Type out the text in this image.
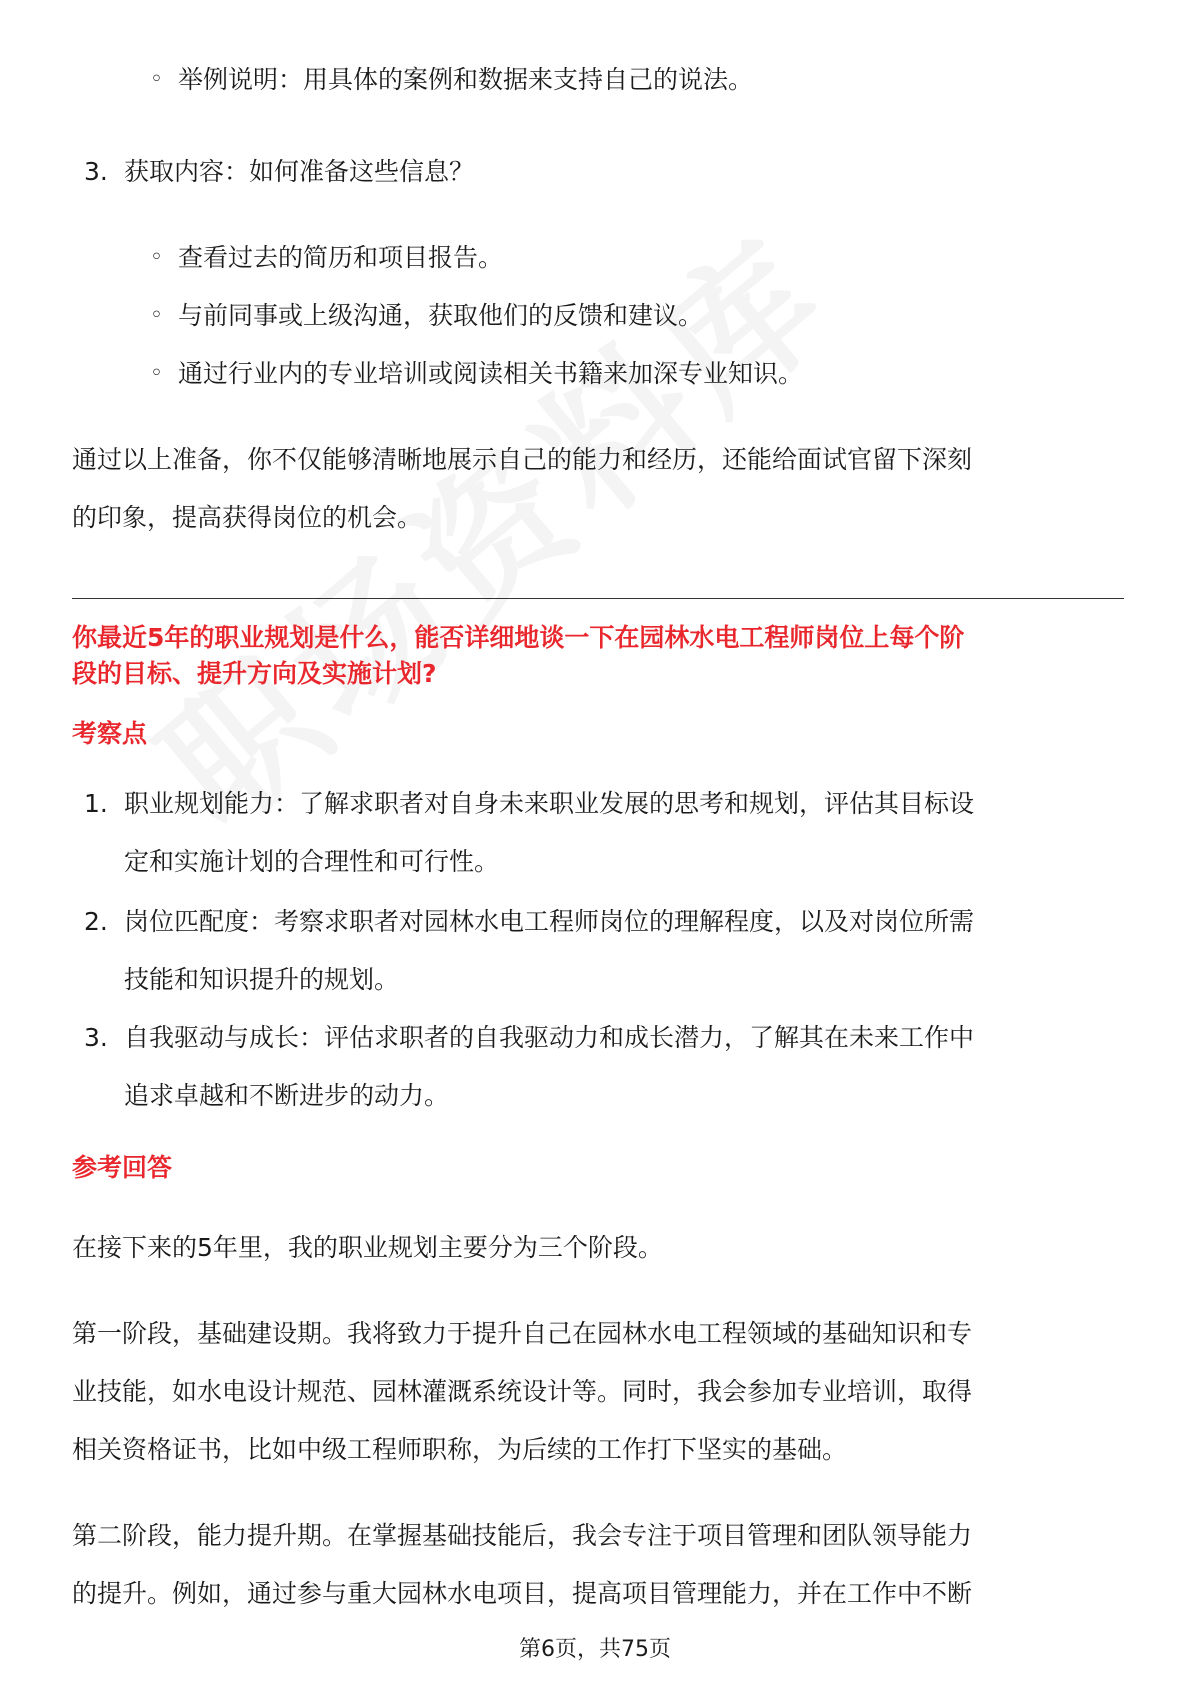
◦ 举例说明：用具体的案例和数据来支持自己的说法。
3. 获取内容：如何准备这些信息？
◦ 查看过去的简历和项目报告。
◦ 与前同事或上级沟通，获取他们的反馈和建议。
◦ 通过行业内的专业培训或阅读相关书籍来加深专业知识。
通过以上准备，你不仅能够清晰地展示自己的能力和经历，还能给面试官留下深刻
的印象，提高获得岗位的机会。
你最近5年的职业规划是什么，能否详细地谈一下在园林水电工程师岗位上每个阶
段的目标、提升方向及实施计划?
考察点
1. 职业规划能力：了解求职者对自身未来职业发展的思考和规划，评估其目标设
定和实施计划的合理性和可行性。
2. 岗位匹配度：考察求职者对园林水电工程师岗位的理解程度，以及对岗位所需
技能和知识提升的规划。
3. 自我驱动与成长：评估求职者的自我驱动力和成长潜力，了解其在未来工作中
追求卓越和不断进步的动力。
参考回答
在接下来的5年里，我的职业规划主要分为三个阶段。
第一阶段，基础建设期。我将致力于提升自己在园林水电工程领域的基础知识和专
业技能，如水电设计规范、园林灌溉系统设计等。同时，我会参加专业培训，取得
相关资格证书，比如中级工程师职称，为后续的工作打下坚实的基础。
第二阶段，能力提升期。在掌握基础技能后，我会专注于项目管理和团队领导能力
的提升。例如，通过参与重大园林水电项目，提高项目管理能力，并在工作中不断
第6页，共75页
